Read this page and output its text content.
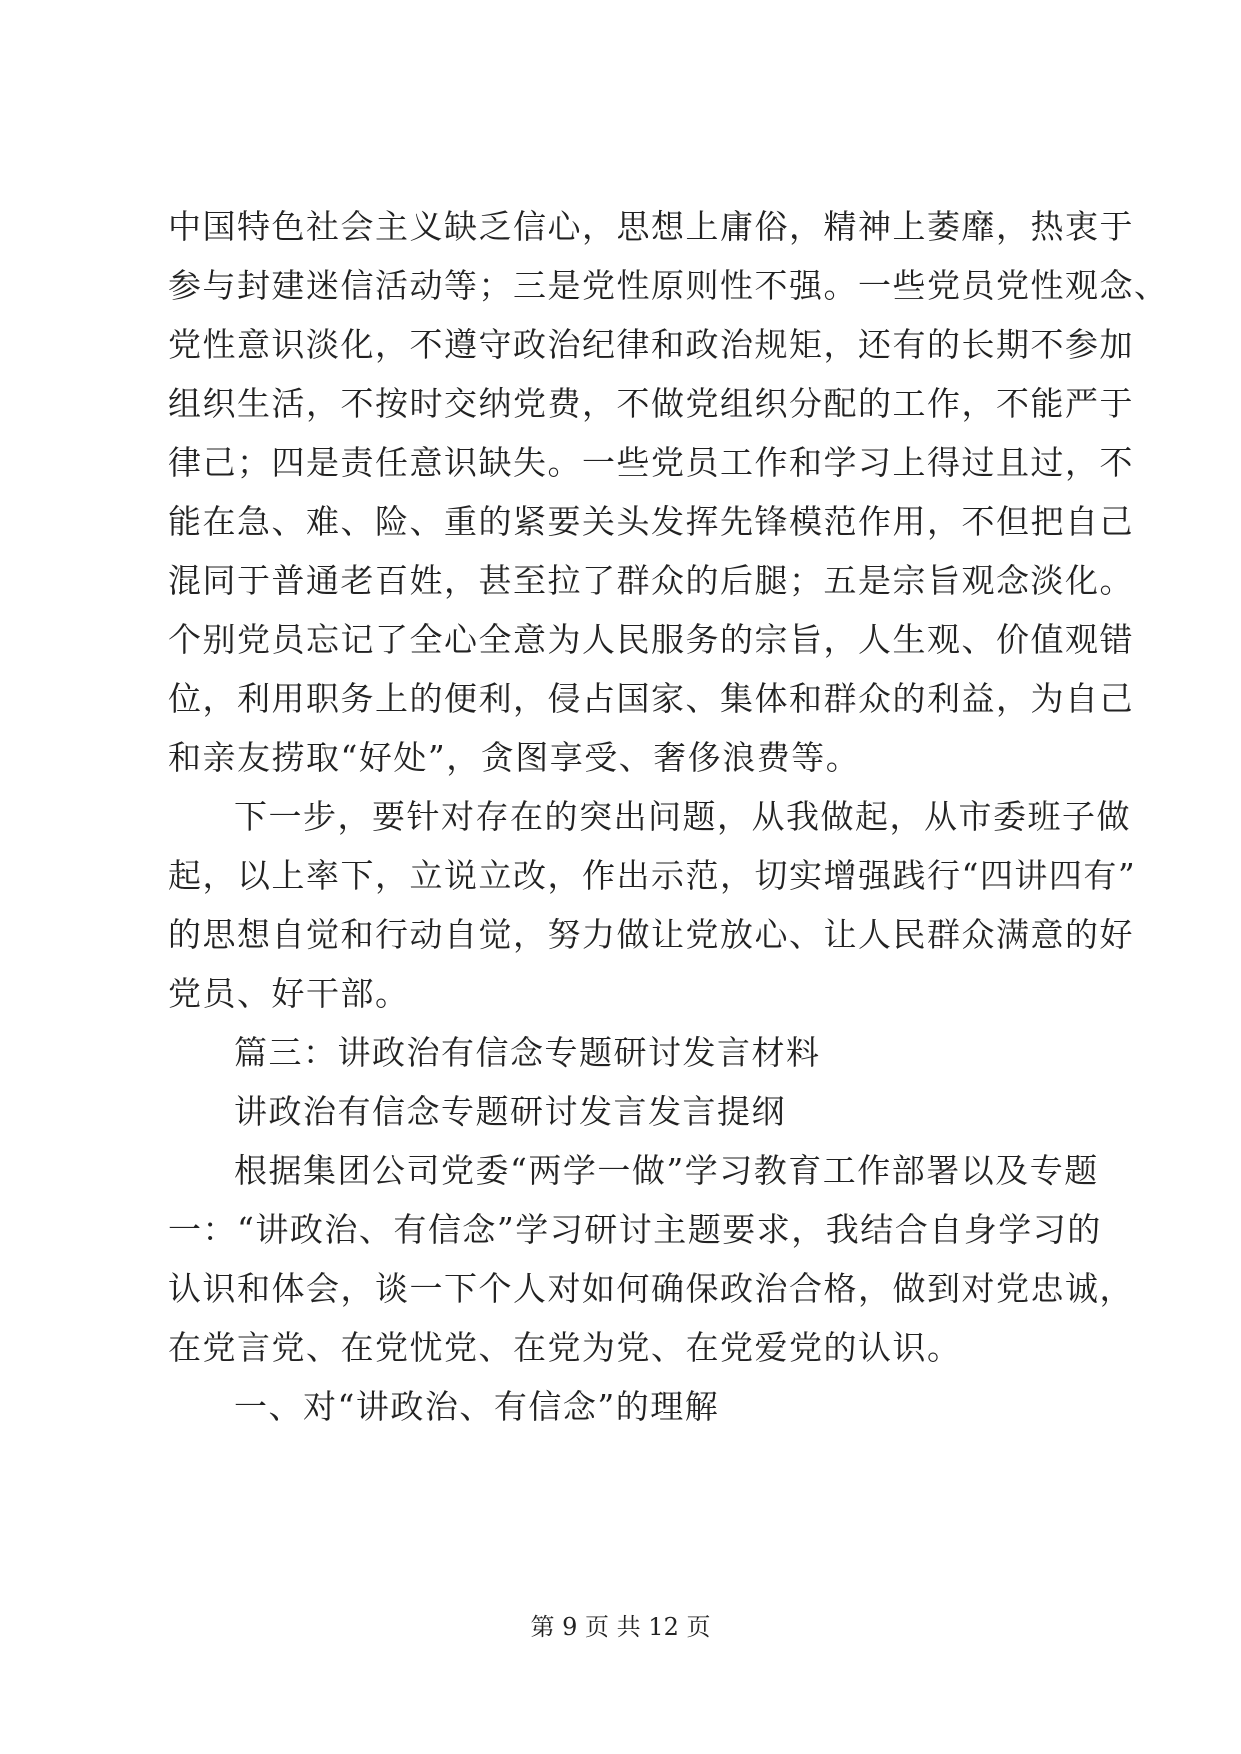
中国特色社会主义缺乏信心，思想上庸俗，精神上萎靡，热衷于
参与封建迷信活动等；三是党性原则性不强。一些党员党性观念、
党性意识淡化，不遵守政治纪律和政治规矩，还有的长期不参加
组织生活，不按时交纳党费，不做党组织分配的工作，不能严于
律己；四是责任意识缺失。一些党员工作和学习上得过且过，不
能在急、难、险、重的紧要关头发挥先锋模范作用，不但把自己
混同于普通老百姓，甚至拉了群众的后腿；五是宗旨观念淡化。
个别党员忘记了全心全意为人民服务的宗旨，人生观、价值观错
位，利用职务上的便利，侵占国家、集体和群众的利益，为自己
和亲友捞取“好处”，贪图享受、奢侈浪费等。
下一步，要针对存在的突出问题，从我做起，从市委班子做
起，以上率下，立说立改，作出示范，切实增强践行“四讲四有”
的思想自觉和行动自觉，努力做让党放心、让人民群众满意的好
党员、好干部。
篇三：讲政治有信念专题研讨发言材料
讲政治有信念专题研讨发言发言提纲
根据集团公司党委“两学一做”学习教育工作部署以及专题
一：“讲政治、有信念”学习研讨主题要求，我结合自身学习的
认识和体会，谈一下个人对如何确保政治合格，做到对党忠诚，
在党言党、在党忧党、在党为党、在党爱党的认识。
一、对“讲政治、有信念”的理解
第 9 页 共 12 页
